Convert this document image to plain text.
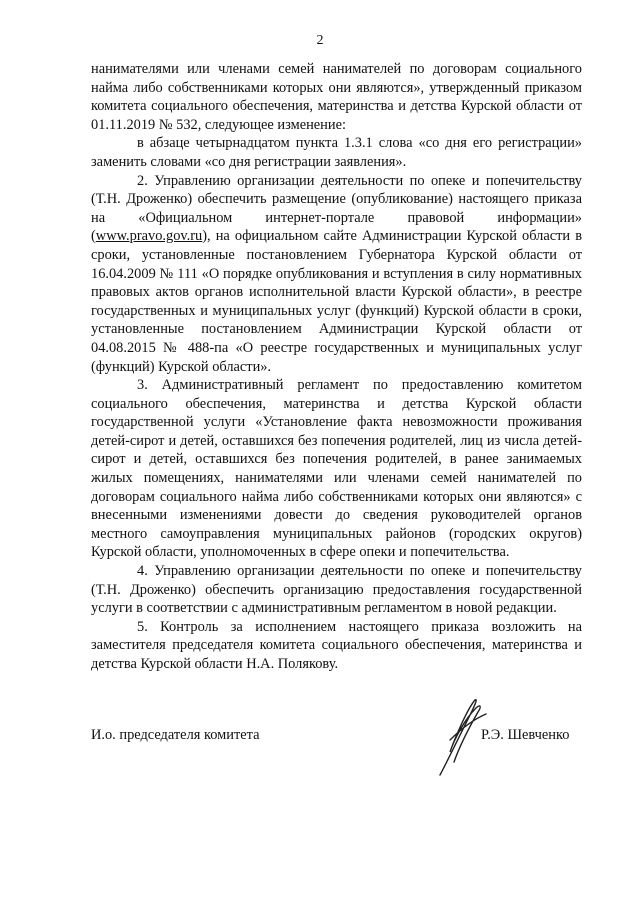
2

нанимателями или членами семей нанимателей по договорам социального найма либо собственниками которых они являются», утвержденный приказом комитета социального обеспечения, материнства и детства Курской области от 01.11.2019 № 532, следующее изменение:

в абзаце четырнадцатом пункта 1.3.1 слова «со дня его регистрации» заменить словами «со дня регистрации заявления».

2. Управлению организации деятельности по опеке и попечительству (Т.Н. Дроженко) обеспечить размещение (опубликование) настоящего приказа на «Официальном интернет-портале правовой информации» (www.pravo.gov.ru), на официальном сайте Администрации Курской области в сроки, установленные постановлением Губернатора Курской области от 16.04.2009 № 111 «О порядке опубликования и вступления в силу нормативных правовых актов органов исполнительной власти Курской области», в реестре государственных и муниципальных услуг (функций) Курской области в сроки, установленные постановлением Администрации Курской области от 04.08.2015 № 488-па «О реестре государственных и муниципальных услуг (функций) Курской области».

3. Административный регламент по предоставлению комитетом социального обеспечения, материнства и детства Курской области государственной услуги «Установление факта невозможности проживания детей-сирот и детей, оставшихся без попечения родителей, лиц из числа детей-сирот и детей, оставшихся без попечения родителей, в ранее занимаемых жилых помещениях, нанимателями или членами семей нанимателей по договорам социального найма либо собственниками которых они являются» с внесенными изменениями довести до сведения руководителей органов местного самоуправления муниципальных районов (городских округов) Курской области, уполномоченных в сфере опеки и попечительства.

4. Управлению организации деятельности по опеке и попечительству (Т.Н. Дроженко) обеспечить организацию предоставления государственной услуги в соответствии с административным регламентом в новой редакции.

5. Контроль за исполнением настоящего приказа возложить на заместителя председателя комитета социального обеспечения, материнства и детства Курской области Н.А. Полякову.

И.о. председателя комитета	Р.Э. Шевченко
